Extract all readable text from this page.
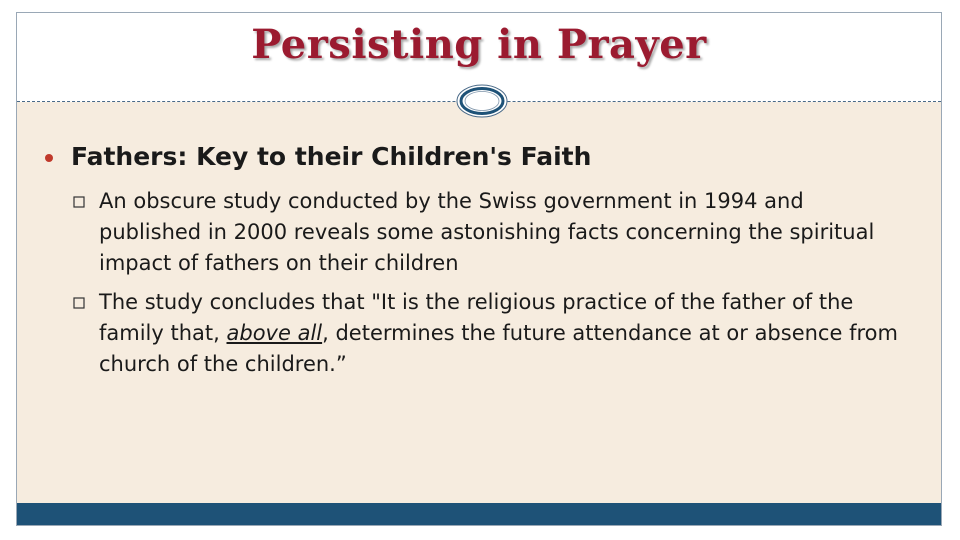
Persisting in Prayer
Fathers: Key to their Children's Faith
An obscure study conducted by the Swiss government in 1994 and published in 2000 reveals some astonishing facts concerning the spiritual impact of fathers on their children
The study concludes that "It is the religious practice of the father of the family that, above all, determines the future attendance at or absence from church of the children.”
